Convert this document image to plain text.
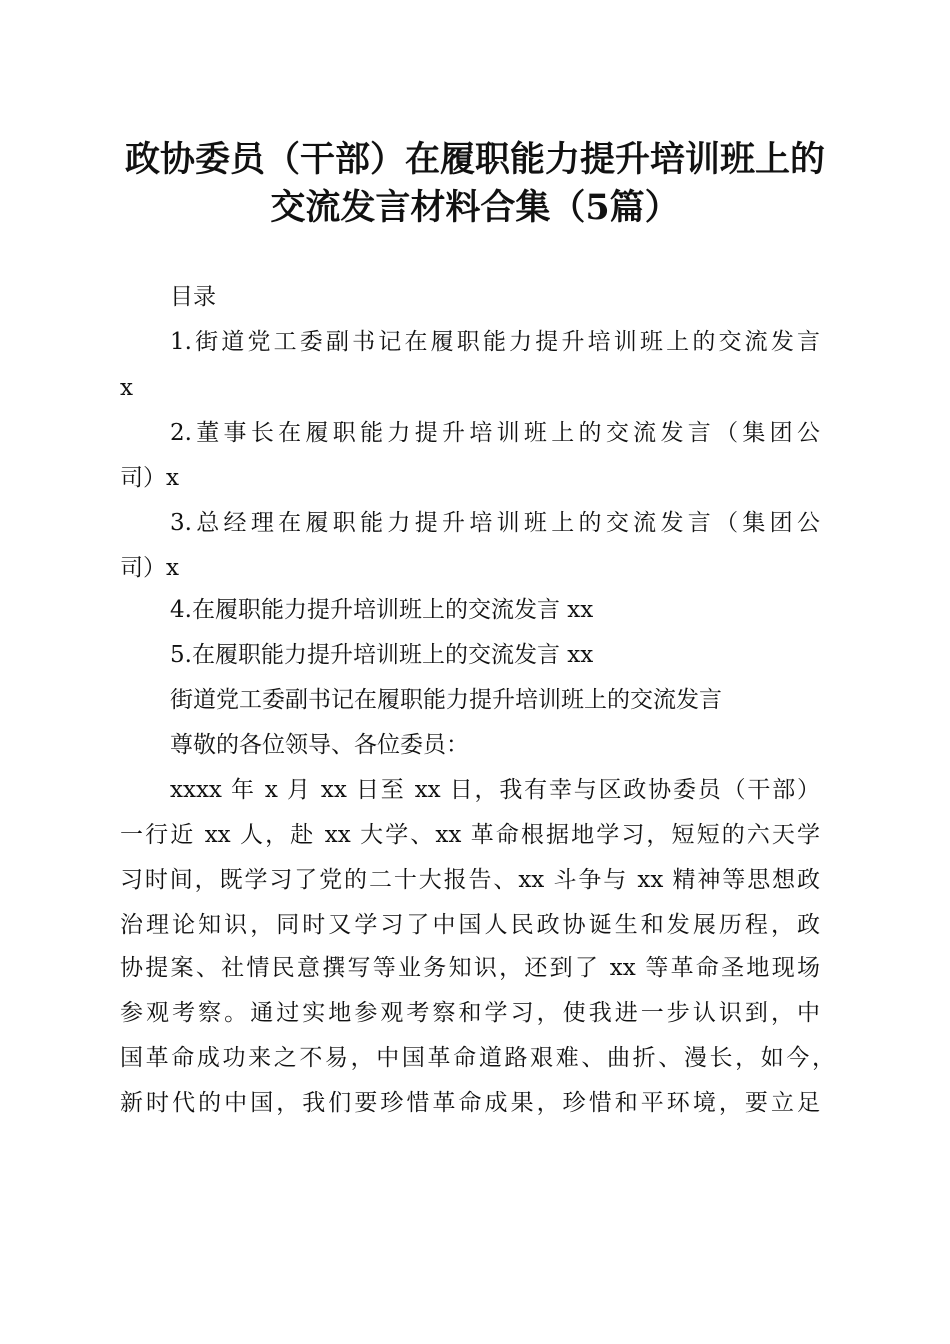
政协委员（干部）在履职能力提升培训班上的
交流发言材料合集（5篇）
目录
1.街道党工委副书记在履职能力提升培训班上的交流发言
x
2.董事长在履职能力提升培训班上的交流发言（集团公
司）x
3.总经理在履职能力提升培训班上的交流发言（集团公
司）x
4.在履职能力提升培训班上的交流发言 xx
5.在履职能力提升培训班上的交流发言 xx
街道党工委副书记在履职能力提升培训班上的交流发言
尊敬的各位领导、各位委员：
xxxx 年 x 月 xx 日至 xx 日，我有幸与区政协委员（干部）
一行近 xx 人，赴 xx 大学、xx 革命根据地学习，短短的六天学
习时间，既学习了党的二十大报告、xx 斗争与 xx 精神等思想政
治理论知识，同时又学习了中国人民政协诞生和发展历程，政
协提案、社情民意撰写等业务知识，还到了 xx 等革命圣地现场
参观考察。通过实地参观考察和学习，使我进一步认识到，中
国革命成功来之不易，中国革命道路艰难、曲折、漫长，如今，
新时代的中国，我们要珍惜革命成果，珍惜和平环境，要立足
